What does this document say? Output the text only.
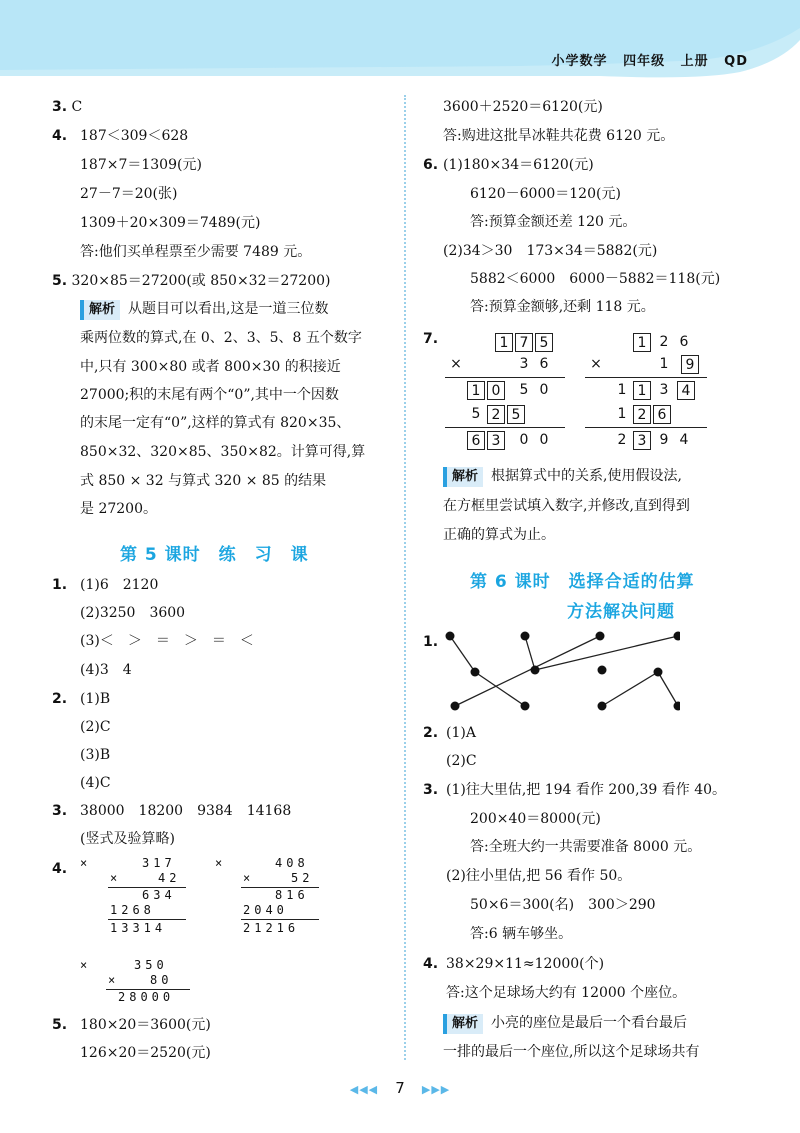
小学数学 四年级 上册 QD
3. C
4. 187＜309＜628
187×7＝1309(元)
27－7＝20(张)
1309＋20×309＝7489(元)
答:他们买单程票至少需要 7489 元。
5. 320×85＝27200(或 850×32＝27200)
解析 从题目可以看出,这是一道三位数
乘两位数的算式,在 0、2、3、5、8 五个数字
中,只有 300×80 或者 800×30 的积接近
27000;积的末尾有两个“0”,其中一个因数
的末尾一定有“0”,这样的算式有 820×35、
850×32、320×85、350×82。计算可得,算
式 850 × 32 与算式 320 × 85 的结果
是 27200。
第 5 课时　练　习　课
1. (1)6　2120
(2)3250　3600
(3)＜　＞　＝　＞　＝　＜
(4)3　4
2. (1)B
(2)C
(3)B
(4)C
3. 38000　18200　9384　14168
(竖式及验算略)
4. ×	317
×	42
634
1268
13314
×	408
×	52
816
2040
21216
×	350
×	80
28000
5. 180×20＝3600(元)
126×20＝2520(元)
3600＋2520＝6120(元)
答:购进这批旱冰鞋共花费 6120 元。
6. (1)180×34＝6120(元)
6120－6000＝120(元)
答:预算金额还差 120 元。
(2)34＞30　173×34＝5882(元)
5882＜6000　6000－5882＝118(元)
答:预算金额够,还剩 118 元。
7.	1 7 5
×	3 6
1 0	5 0
5 2 5
6 3	0 0
1 2 6
×	1	9
1 1 3 4
1 2 6
2 3 9 4
解析 根据算式中的关系,使用假设法,
在方框里尝试填入数字,并修改,直到得到
正确的算式为止。
第 6 课时　选择合适的估算
方法解决问题
1.
2. (1)A
(2)C
3. (1)往大里估,把 194 看作 200,39 看作 40。
200×40＝8000(元)
答:全班大约一共需要准备 8000 元。
(2)往小里估,把 56 看作 50。
50×6＝300(名)　300＞290
答:6 辆车够坐。
4. 38×29×11≈12000(个)
答:这个足球场大约有 12000 个座位。
解析 小亮的座位是最后一个看台最后
一排的最后一个座位,所以这个足球场共有
◀◀◀ 7 ▶▶▶
